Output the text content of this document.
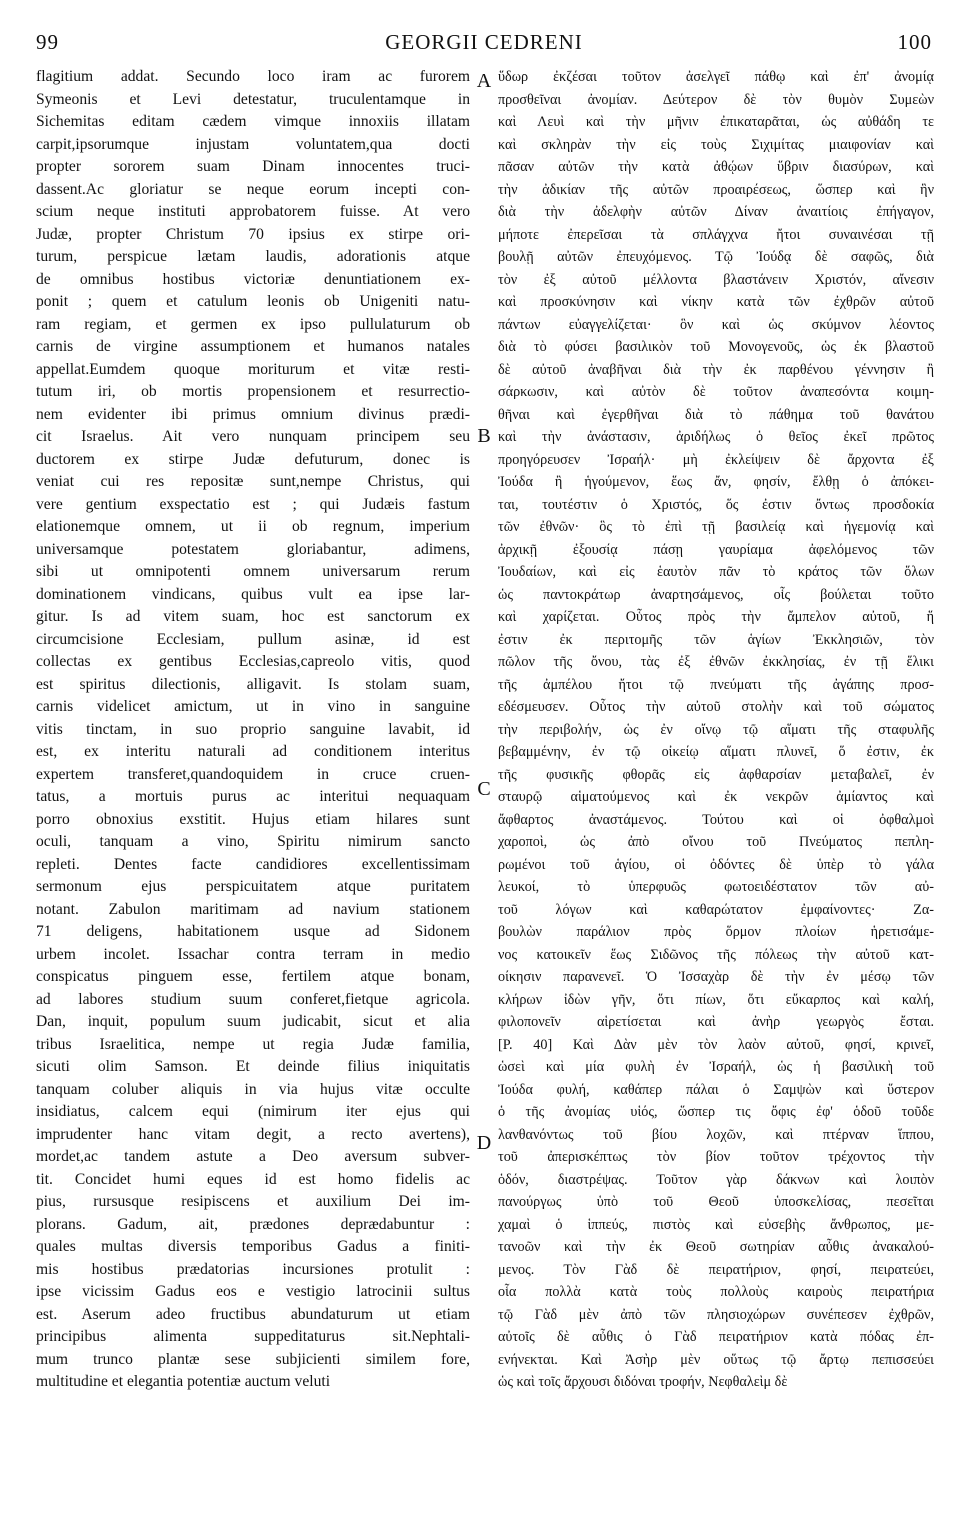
99	GEORGII CEDRENI	100
flagitium addat. Secundo loco iram ac furorem
Symeonis et Levi detestatur, truculentamque in
Sichemitas editam cædem vimque innoxiis illatam
carpit,ipsorumque injustam voluntatem,qua docti
propter sororem suam Dinam innocentes truci-
dassent.Ac gloriatur se neque eorum incepti con-
scium neque instituti approbatorem fuisse. At vero
Judæ, propter Christum 70 ipsius ex stirpe ori-
turum, perspicue lætam laudis, adorationis atque
de omnibus hostibus victoriæ denuntiationem ex-
ponit ; quem et catulum leonis ob Unigeniti natu-
ram regiam, et germen ex ipso pullulaturum ob
carnis de virgine assumptionem et humanos natales
appellat.Eumdem quoque moriturum et vitæ resti-
tutum iri, ob mortis propensionem et resurrectio-
nem evidenter ibi primus omnium divinus prædi-
cit Israelus. Ait vero nunquam principem seu
ductorem ex stirpe Judæ defuturum, donec is
veniat cui res repositæ sunt,nempe Christus, qui
vere gentium exspectatio est ; qui Judæis fastum
elationemque omnem, ut ii ob regnum, imperium
universamque potestatem gloriabantur, adimens,
sibi ut omnipotenti omnem universarum rerum
dominationem vindicans, quibus vult ea ipse lar-
gitur. Is ad vitem suam, hoc est sanctorum ex
circumcisione Ecclesiam, pullum asinæ, id est
collectas ex gentibus Ecclesias,capreolo vitis, quod
est spiritus dilectionis, alligavit. Is stolam suam,
carnis videlicet amictum, ut in vino in sanguine
vitis tinctam, in suo proprio sanguine lavabit, id
est, ex interitu naturali ad conditionem interitus
expertem transferet,quandoquidem in cruce cruen-
tatus, a mortuis purus ac interitui nequaquam
porro obnoxius exstitit. Hujus etiam hilares sunt
oculi, tanquam a vino, Spiritu nimirum sancto
repleti. Dentes facte candidiores excellentissimam
sermonum ejus perspicuitatem atque puritatem
notant. Zabulon maritimam ad navium stationem
71 deligens, habitationem usque ad Sidonem
urbem incolet. Issachar contra terram in medio
conspicatus pinguem esse, fertilem atque bonam,
ad labores studium suum conferet,fietque agricola.
Dan, inquit, populum suum judicabit, sicut et alia
tribus Israelitica, nempe ut regia Judæ familia,
sicuti olim Samson. Et deinde filius iniquitatis
tanquam coluber aliquis in via hujus vitæ occulte
insidiatus, calcem equi (nimirum iter ejus qui
imprudenter hanc vitam degit, a recto avertens),
mordet,ac tandem astute a Deo aversum subver-
tit. Concidet humi eques id est homo fidelis ac
pius, rursusque resipiscens et auxilium Dei im-
plorans. Gadum, ait, prædones deprædabuntur :
quales multas diversis temporibus Gadus a finiti-
mis hostibus prædatorias incursiones protulit :
ipse vicissim Gadus eos e vestigio latrocinii sultus
est. Aserum adeo fructibus abundaturum ut etiam
principibus alimenta suppeditaturus sit.Nephtali-
mum trunco plantæ sese subjicienti similem fore,
multitudine et elegantia potentiæ auctum veluti
A
B
C
D
ὕδωρ ἐκζέσαι τοῦτον ἀσελγεῖ πάθῳ καὶ ἐπ' ἀνομίᾳ
προσθεῖναι ἀνομίαν. Δεύτερον δὲ τὸν θυμὸν Συμεὼν
καὶ Λευὶ καὶ τὴν μῆνιν ἐπικαταρᾶται, ὡς αὐθάδη τε
καὶ σκληρὰν τὴν εἰς τοὺς Σιχιμίτας μιαιφονίαν καὶ
πᾶσαν αὐτῶν τὴν κατὰ ἀθῴων ὕβριν διασύρων, καὶ
τὴν ἀδικίαν τῆς αὐτῶν προαιρέσεως, ὥσπερ καὶ ἣν
διὰ τὴν ἀδελφὴν αὐτῶν Δίναν ἀναιτίοις ἐπήγαγον,
μήποτε ἐπερεῖσαι τὰ σπλάγχνα ἤτοι συναινέσαι τῇ
βουλῇ αὐτῶν ἐπευχόμενος. Τῷ Ἰούδᾳ δὲ σαφῶς, διὰ
τὸν ἐξ αὐτοῦ μέλλοντα βλαστάνειν Χριστόν, αἴνεσιν
καὶ προσκύνησιν καὶ νίκην κατὰ τῶν ἐχθρῶν αὐτοῦ
πάντων εὐαγγελίζεται· ὃν καὶ ὡς σκύμνον λέοντος
διὰ τὸ φύσει βασιλικὸν τοῦ Μονογενοῦς, ὡς ἐκ βλαστοῦ
δὲ αὐτοῦ ἀναβῆναι διὰ τὴν ἐκ παρθένου γέννησιν ἢ
σάρκωσιν, καὶ αὐτὸν δὲ τοῦτον ἀναπεσόντα κοιμη-
θῆναι καὶ ἐγερθῆναι διὰ τὸ πάθημα τοῦ θανάτου
καὶ τὴν ἀνάστασιν, ἀριδήλως ὁ θεῖος ἐκεῖ πρῶτος
προηγόρευσεν Ἰσραήλ· μὴ ἐκλείψειν δὲ ἄρχοντα ἐξ
Ἰούδα ἢ ἡγούμενον, ἕως ἄν, φησίν, ἔλθῃ ὁ ἀπόκει-
ται, τουτέστιν ὁ Χριστός, ὅς ἐστιν ὄντως προσδοκία
τῶν ἐθνῶν· ὃς τὸ ἐπὶ τῇ βασιλείᾳ καὶ ἡγεμονίᾳ καὶ
ἀρχικῇ ἐξουσίᾳ πάσῃ γαυρίαμα ἀφελόμενος τῶν
Ἰουδαίων, καὶ εἰς ἑαυτὸν πᾶν τὸ κράτος τῶν ὅλων
ὡς παντοκράτωρ ἀναρτησάμενος, οἷς βούλεται τοῦτο
καὶ χαρίζεται. Οὗτος πρὸς τὴν ἄμπελον αὐτοῦ, ἥ
ἐστιν ἐκ περιτομῆς τῶν ἁγίων Ἐκκλησιῶν, τὸν
πῶλον τῆς ὄνου, τὰς ἐξ ἐθνῶν ἐκκλησίας, ἐν τῇ ἕλικι
τῆς ἀμπέλου ἤτοι τῷ πνεύματι τῆς ἀγάπης προσ-
εδέσμευσεν. Οὗτος τὴν αὐτοῦ στολὴν καὶ τοῦ σώματος
τὴν περιβολήν, ὡς ἐν οἴνῳ τῷ αἵματι τῆς σταφυλῆς
βεβαμμένην, ἐν τῷ οἰκείῳ αἵματι πλυνεῖ, ὅ ἐστιν, ἐκ
τῆς φυσικῆς φθορᾶς εἰς ἀφθαρσίαν μεταβαλεῖ, ἐν
σταυρῷ αἱματούμενος καὶ ἐκ νεκρῶν ἀμίαντος καὶ
ἄφθαρτος ἀναστάμενος. Τούτου καὶ οἱ ὀφθαλμοὶ
χαροποὶ, ὡς ἀπὸ οἴνου τοῦ Πνεύματος πεπλη-
ρωμένοι τοῦ ἁγίου, οἱ ὀδόντες δὲ ὑπὲρ τὸ γάλα
λευκοί, τὸ ὑπερφυῶς φωτοειδέστατον τῶν αὐ-
τοῦ λόγων καὶ καθαρώτατον ἐμφαίνοντες· Ζα-
βουλὼν παράλιον πρὸς ὅρμον πλοίων ἡρετισάμε-
νος κατοικεῖν ἕως Σιδῶνος τῆς πόλεως τὴν αὐτοῦ κατ-
οίκησιν παρανενεῖ. Ὁ Ἰσσαχὰρ δὲ τὴν ἐν μέσῳ τῶν
κλήρων ἰδὼν γῆν, ὅτι πίων, ὅτι εὔκαρπος καὶ καλή,
φιλοπονεῖν αἱρετίσεται καὶ ἀνὴρ γεωργὸς ἔσται.
[P. 40] Καὶ Δὰν μὲν τὸν λαὸν αὐτοῦ, φησί, κρινεῖ,
ὡσεὶ καὶ μία φυλὴ ἐν Ἰσραήλ, ὡς ἡ βασιλικὴ τοῦ
Ἰούδα φυλή, καθάπερ πάλαι ὁ Σαμψὼν καὶ ὕστερον
ὁ τῆς ἀνομίας υἱός, ὥσπερ τις ὄφις ἐφ' ὁδοῦ τοῦδε
λανθανόντως τοῦ βίου λοχῶν, καὶ πτέρναν ἵππου,
τοῦ ἀπερισκέπτως τὸν βίον τοῦτον τρέχοντος τὴν
ὁδόν, διαστρέψας. Τοῦτον γὰρ δάκνων καὶ λοιπὸν
πανούργως ὑπὸ τοῦ Θεοῦ ὑποσκελίσας, πεσεῖται
χαμαὶ ὁ ἱππεύς, πιστὸς καὶ εὐσεβὴς ἄνθρωπος, με-
τανοῶν καὶ τὴν ἐκ Θεοῦ σωτηρίαν αὖθις ἀνακαλού-
μενος. Τὸν Γὰδ δὲ πειρατήριον, φησί, πειρατεύει,
οἷα πολλὰ κατὰ τοὺς πολλοὺς καιροὺς πειρατήρια
τῷ Γὰδ μὲν ἀπὸ τῶν πλησιοχώρων συνέπεσεν ἐχθρῶν,
αὐτοῖς δὲ αὖθις ὁ Γὰδ πειρατήριον κατὰ πόδας ἐπ-
ενήνεκται. Καὶ Ἀσὴρ μὲν οὕτως τῷ ἄρτῳ πεπισσεύει
ὡς καὶ τοῖς ἄρχουσι διδόναι τροφήν, Νεφθαλεὶμ δὲ
